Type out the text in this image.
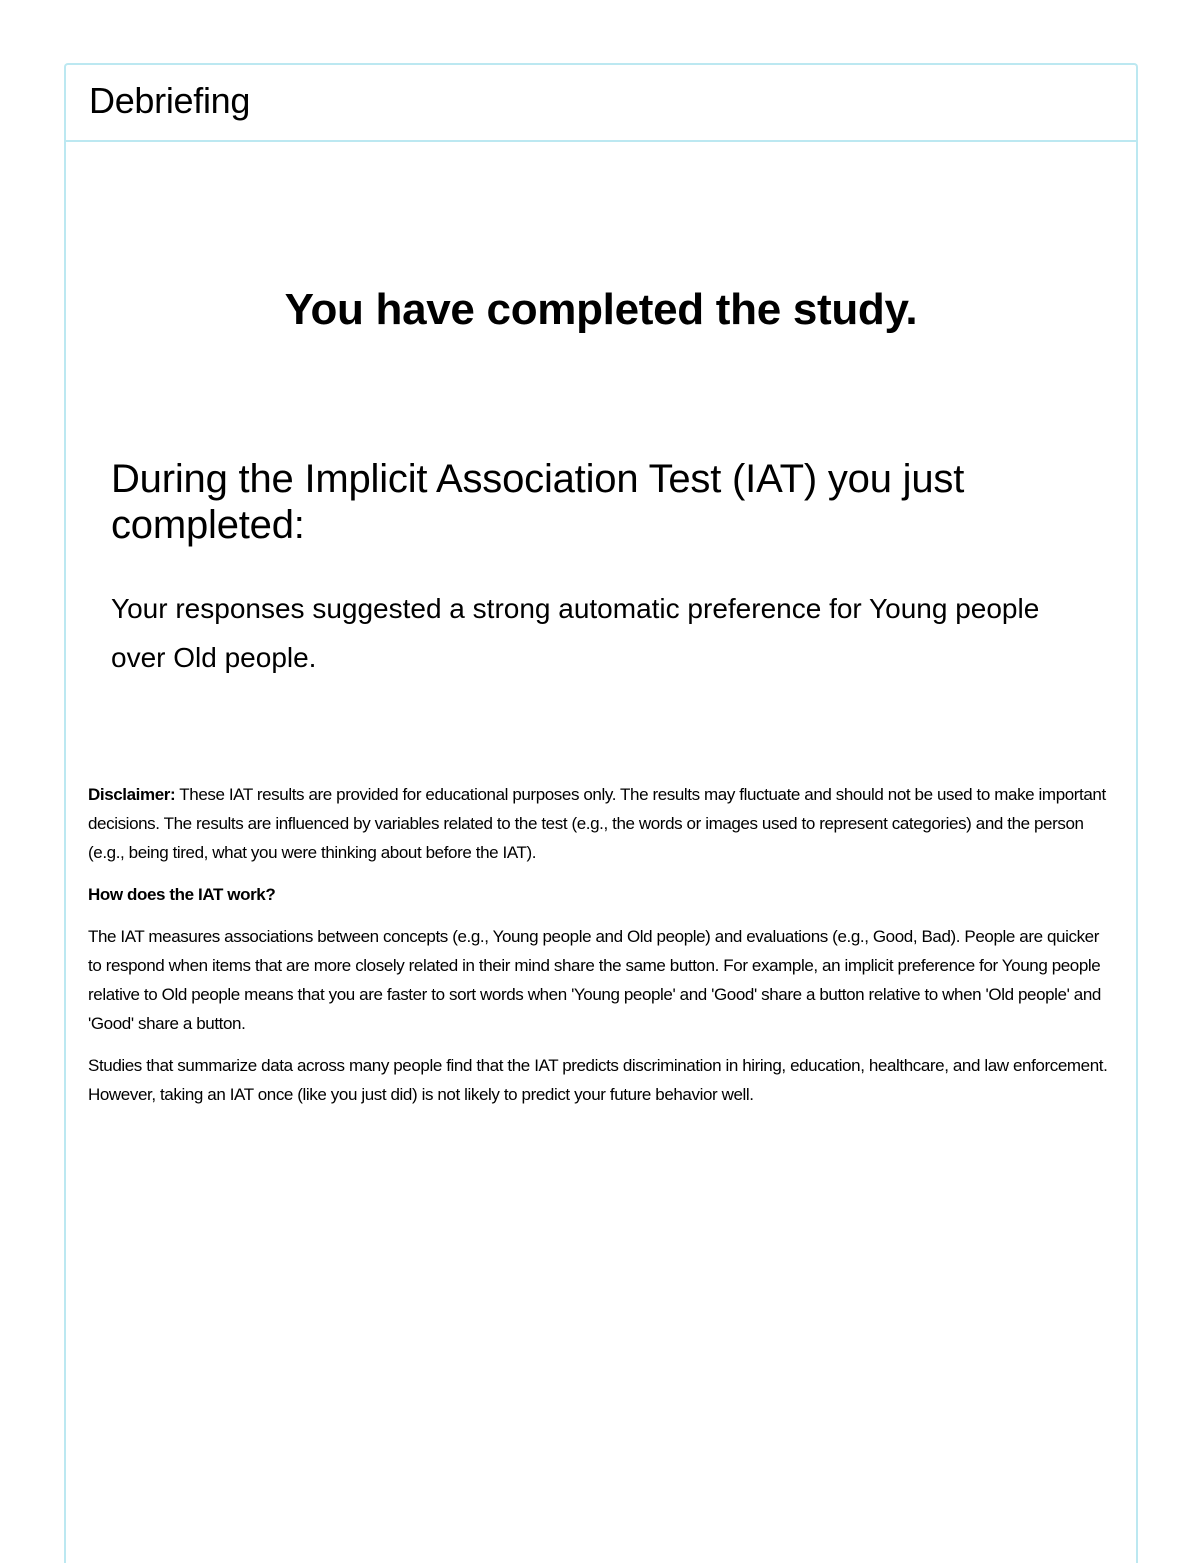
Debriefing
You have completed the study.
During the Implicit Association Test (IAT) you just completed:

Your responses suggested a strong automatic preference for Young people over Old people.

Disclaimer: These IAT results are provided for educational purposes only. The results may fluctuate and should not be used to make important decisions. The results are influenced by variables related to the test (e.g., the words or images used to represent categories) and the person (e.g., being tired, what you were thinking about before the IAT).

How does the IAT work?

The IAT measures associations between concepts (e.g., Young people and Old people) and evaluations (e.g., Good, Bad). People are quicker to respond when items that are more closely related in their mind share the same button. For example, an implicit preference for Young people relative to Old people means that you are faster to sort words when 'Young people' and 'Good' share a button relative to when 'Old people' and 'Good' share a button.

Studies that summarize data across many people find that the IAT predicts discrimination in hiring, education, healthcare, and law enforcement. However, taking an IAT once (like you just did) is not likely to predict your future behavior well.
